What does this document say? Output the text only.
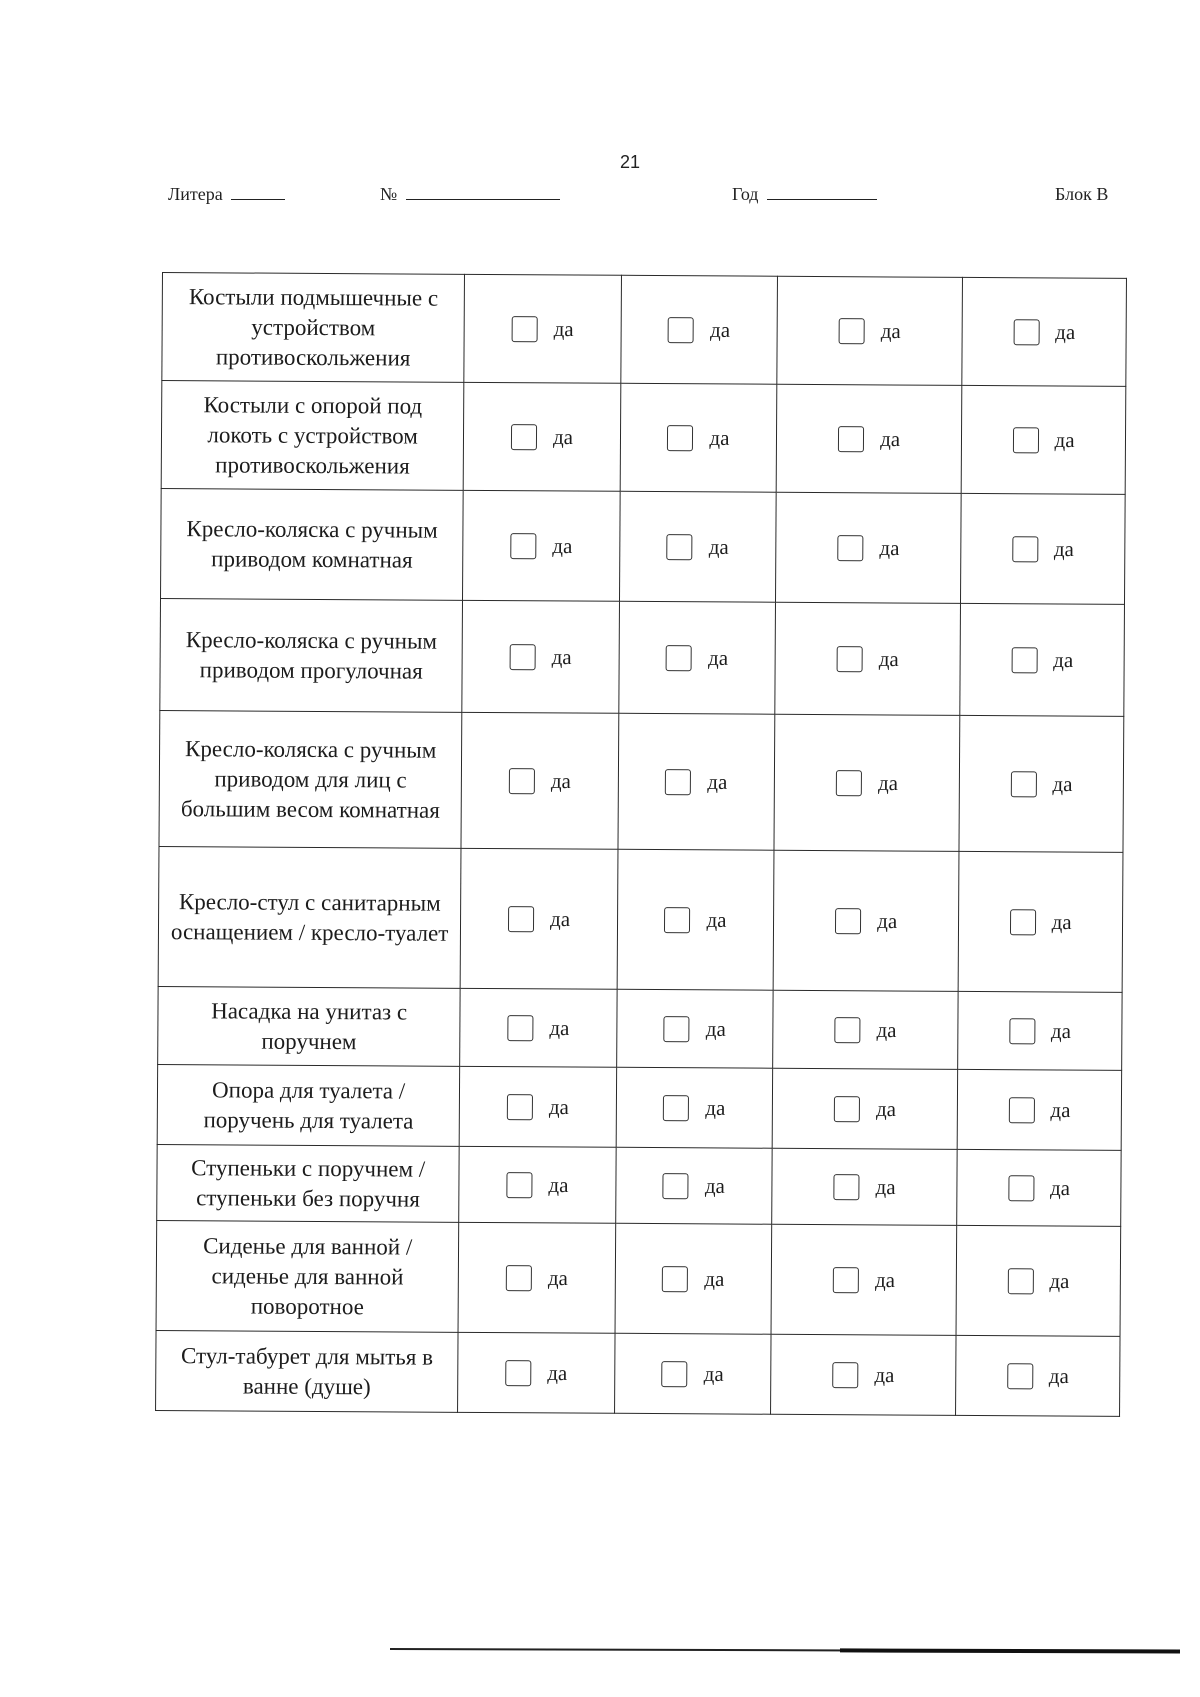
21
Литера	№	Год	Блок В
Костыли подмышечные с устройством противоскольжения	да	да	да	да
Костыли с опорой под локоть с устройством противоскольжения	да	да	да	да
Кресло-коляска с ручным приводом комнатная	да	да	да	да
Кресло-коляска с ручным приводом прогулочная	да	да	да	да
Кресло-коляска с ручным приводом для лиц с большим весом комнатная	да	да	да	да
Кресло-стул с санитарным оснащением / кресло-туалет	да	да	да	да
Насадка на унитаз с поручнем	да	да	да	да
Опора для туалета / поручень для туалета	да	да	да	да
Ступеньки с поручнем / ступеньки без поручня	да	да	да	да
Сиденье для ванной / сиденье для ванной поворотное	да	да	да	да
Стул-табурет для мытья в ванне (душе)	да	да	да	да
